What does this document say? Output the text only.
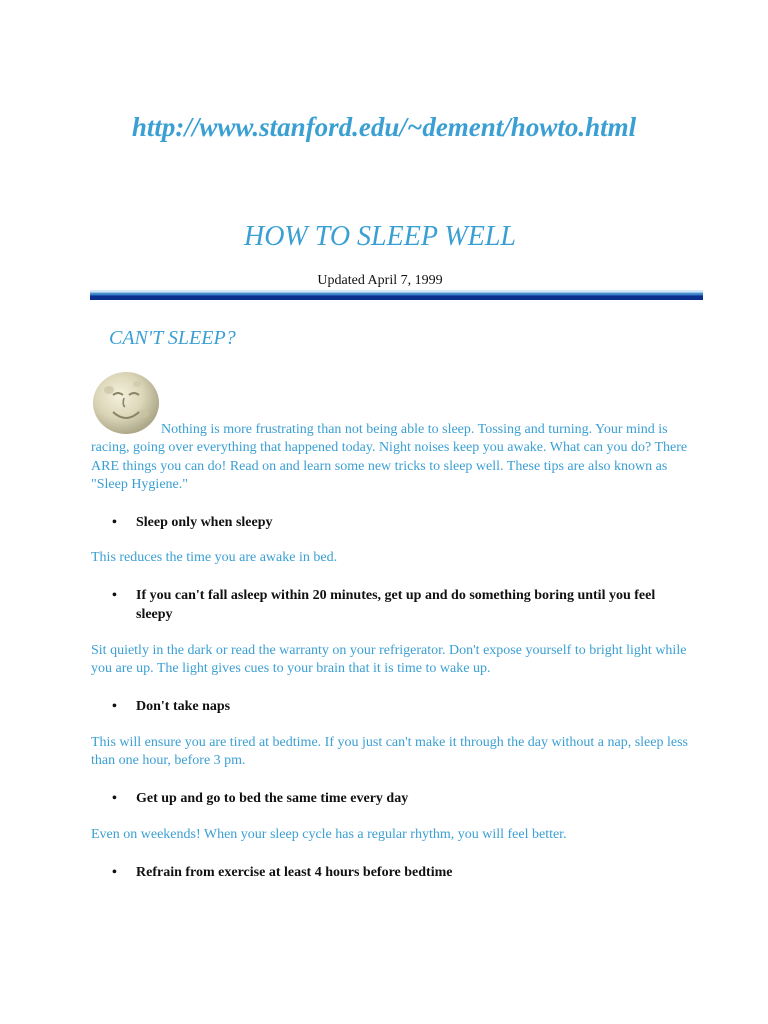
http://www.stanford.edu/~dement/howto.html
HOW TO SLEEP WELL
Updated April 7, 1999
CAN'T SLEEP?

Nothing is more frustrating than not being able to sleep. Tossing and turning. Your mind is racing, going over everything that happened today. Night noises keep you awake. What can you do? There ARE things you can do! Read on and learn some new tricks to sleep well. These tips are also known as "Sleep Hygiene."

• Sleep only when sleepy

This reduces the time you are awake in bed.

• If you can't fall asleep within 20 minutes, get up and do something boring until you feel sleepy

Sit quietly in the dark or read the warranty on your refrigerator. Don't expose yourself to bright light while you are up. The light gives cues to your brain that it is time to wake up.

• Don't take naps

This will ensure you are tired at bedtime. If you just can't make it through the day without a nap, sleep less than one hour, before 3 pm.

• Get up and go to bed the same time every day

Even on weekends! When your sleep cycle has a regular rhythm, you will feel better.

• Refrain from exercise at least 4 hours before bedtime
